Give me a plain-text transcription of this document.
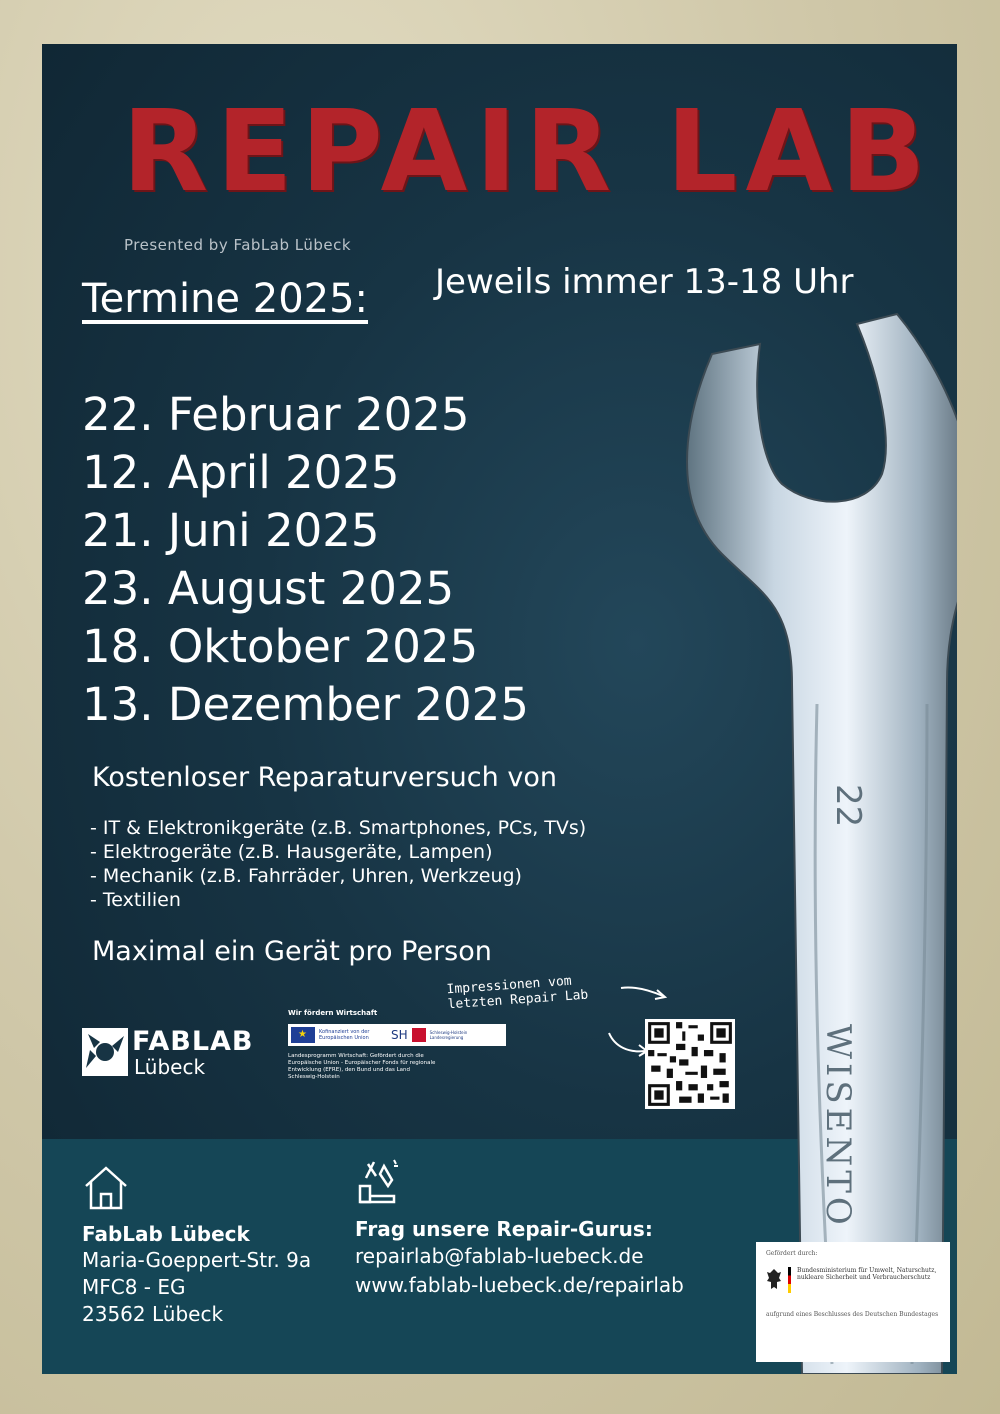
22
WISENTO
REPAIR LAB
Presented by FabLab Lübeck
Jeweils immer 13-18 Uhr
Termine 2025:
22. Februar 2025
12. April 2025
21. Juni 2025
23. August 2025
18. Oktober 2025
13. Dezember 2025
Kostenloser Reparaturversuch von
- IT & Elektronikgeräte (z.B. Smartphones, PCs, TVs)
- Elektrogeräte (z.B. Hausgeräte, Lampen)
- Mechanik (z.B. Fahrräder, Uhren, Werkzeug)
- Textilien
Maximal ein Gerät pro Person
FABLAB
Lübeck
Wir fördern Wirtschaft
★
Kofinanziert von der Europäischen Union	SH	Schleswig-Holstein Landesregierung
Landesprogramm Wirtschaft: Gefördert durch die Europäische Union - Europäischer Fonds für regionale Entwicklung (EFRE), den Bund und das Land Schleswig-Holstein
Impressionen vom letzten Repair Lab
FabLab Lübeck
Maria-Goeppert-Str. 9a
MFC8 - EG
23562 Lübeck
Frag unsere Repair-Gurus:
repairlab@fablab-luebeck.de
www.fablab-luebeck.de/repairlab
Gefördert durch:
Bundesministerium für Umwelt, Naturschutz, nukleare Sicherheit und Verbraucherschutz
aufgrund eines Beschlusses des Deutschen Bundestages
